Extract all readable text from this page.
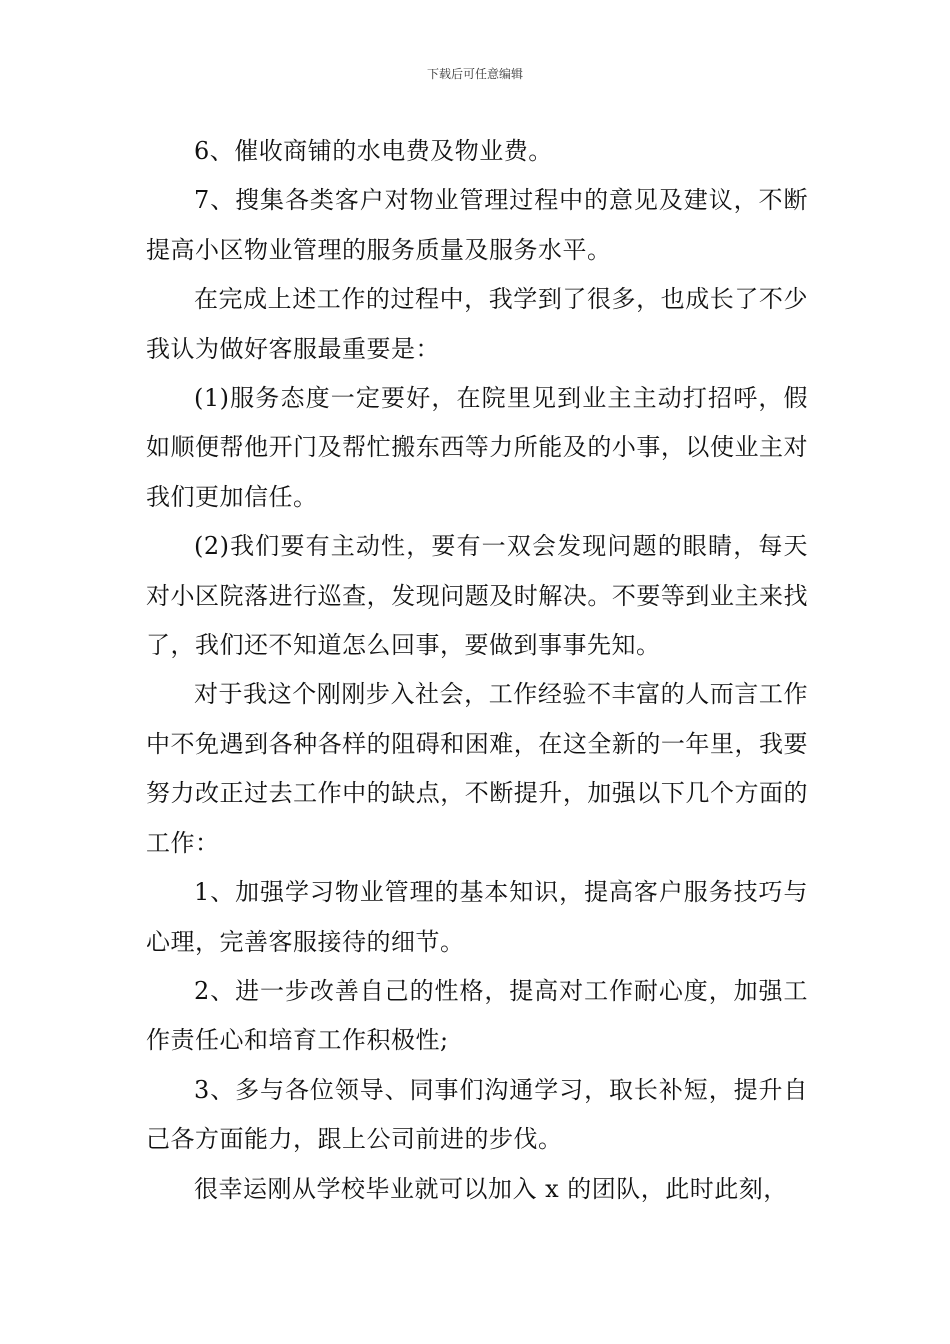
下载后可任意编辑

6、催收商铺的水电费及物业费。

7、搜集各类客户对物业管理过程中的意见及建议，不断提高小区物业管理的服务质量及服务水平。

在完成上述工作的过程中，我学到了很多，也成长了不少我认为做好客服最重要是：

(1)服务态度一定要好，在院里见到业主主动打招呼，假如顺便帮他开门及帮忙搬东西等力所能及的小事，以使业主对我们更加信任。

(2)我们要有主动性，要有一双会发现问题的眼睛，每天对小区院落进行巡查，发现问题及时解决。不要等到业主来找了，我们还不知道怎么回事，要做到事事先知。

对于我这个刚刚步入社会，工作经验不丰富的人而言工作中不免遇到各种各样的阻碍和困难，在这全新的一年里，我要努力改正过去工作中的缺点，不断提升，加强以下几个方面的工作：

1、加强学习物业管理的基本知识，提高客户服务技巧与心理，完善客服接待的细节。

2、进一步改善自己的性格，提高对工作耐心度，加强工作责任心和培育工作积极性;

3、多与各位领导、同事们沟通学习，取长补短，提升自己各方面能力，跟上公司前进的步伐。

很幸运刚从学校毕业就可以加入 x 的团队，此时此刻，
